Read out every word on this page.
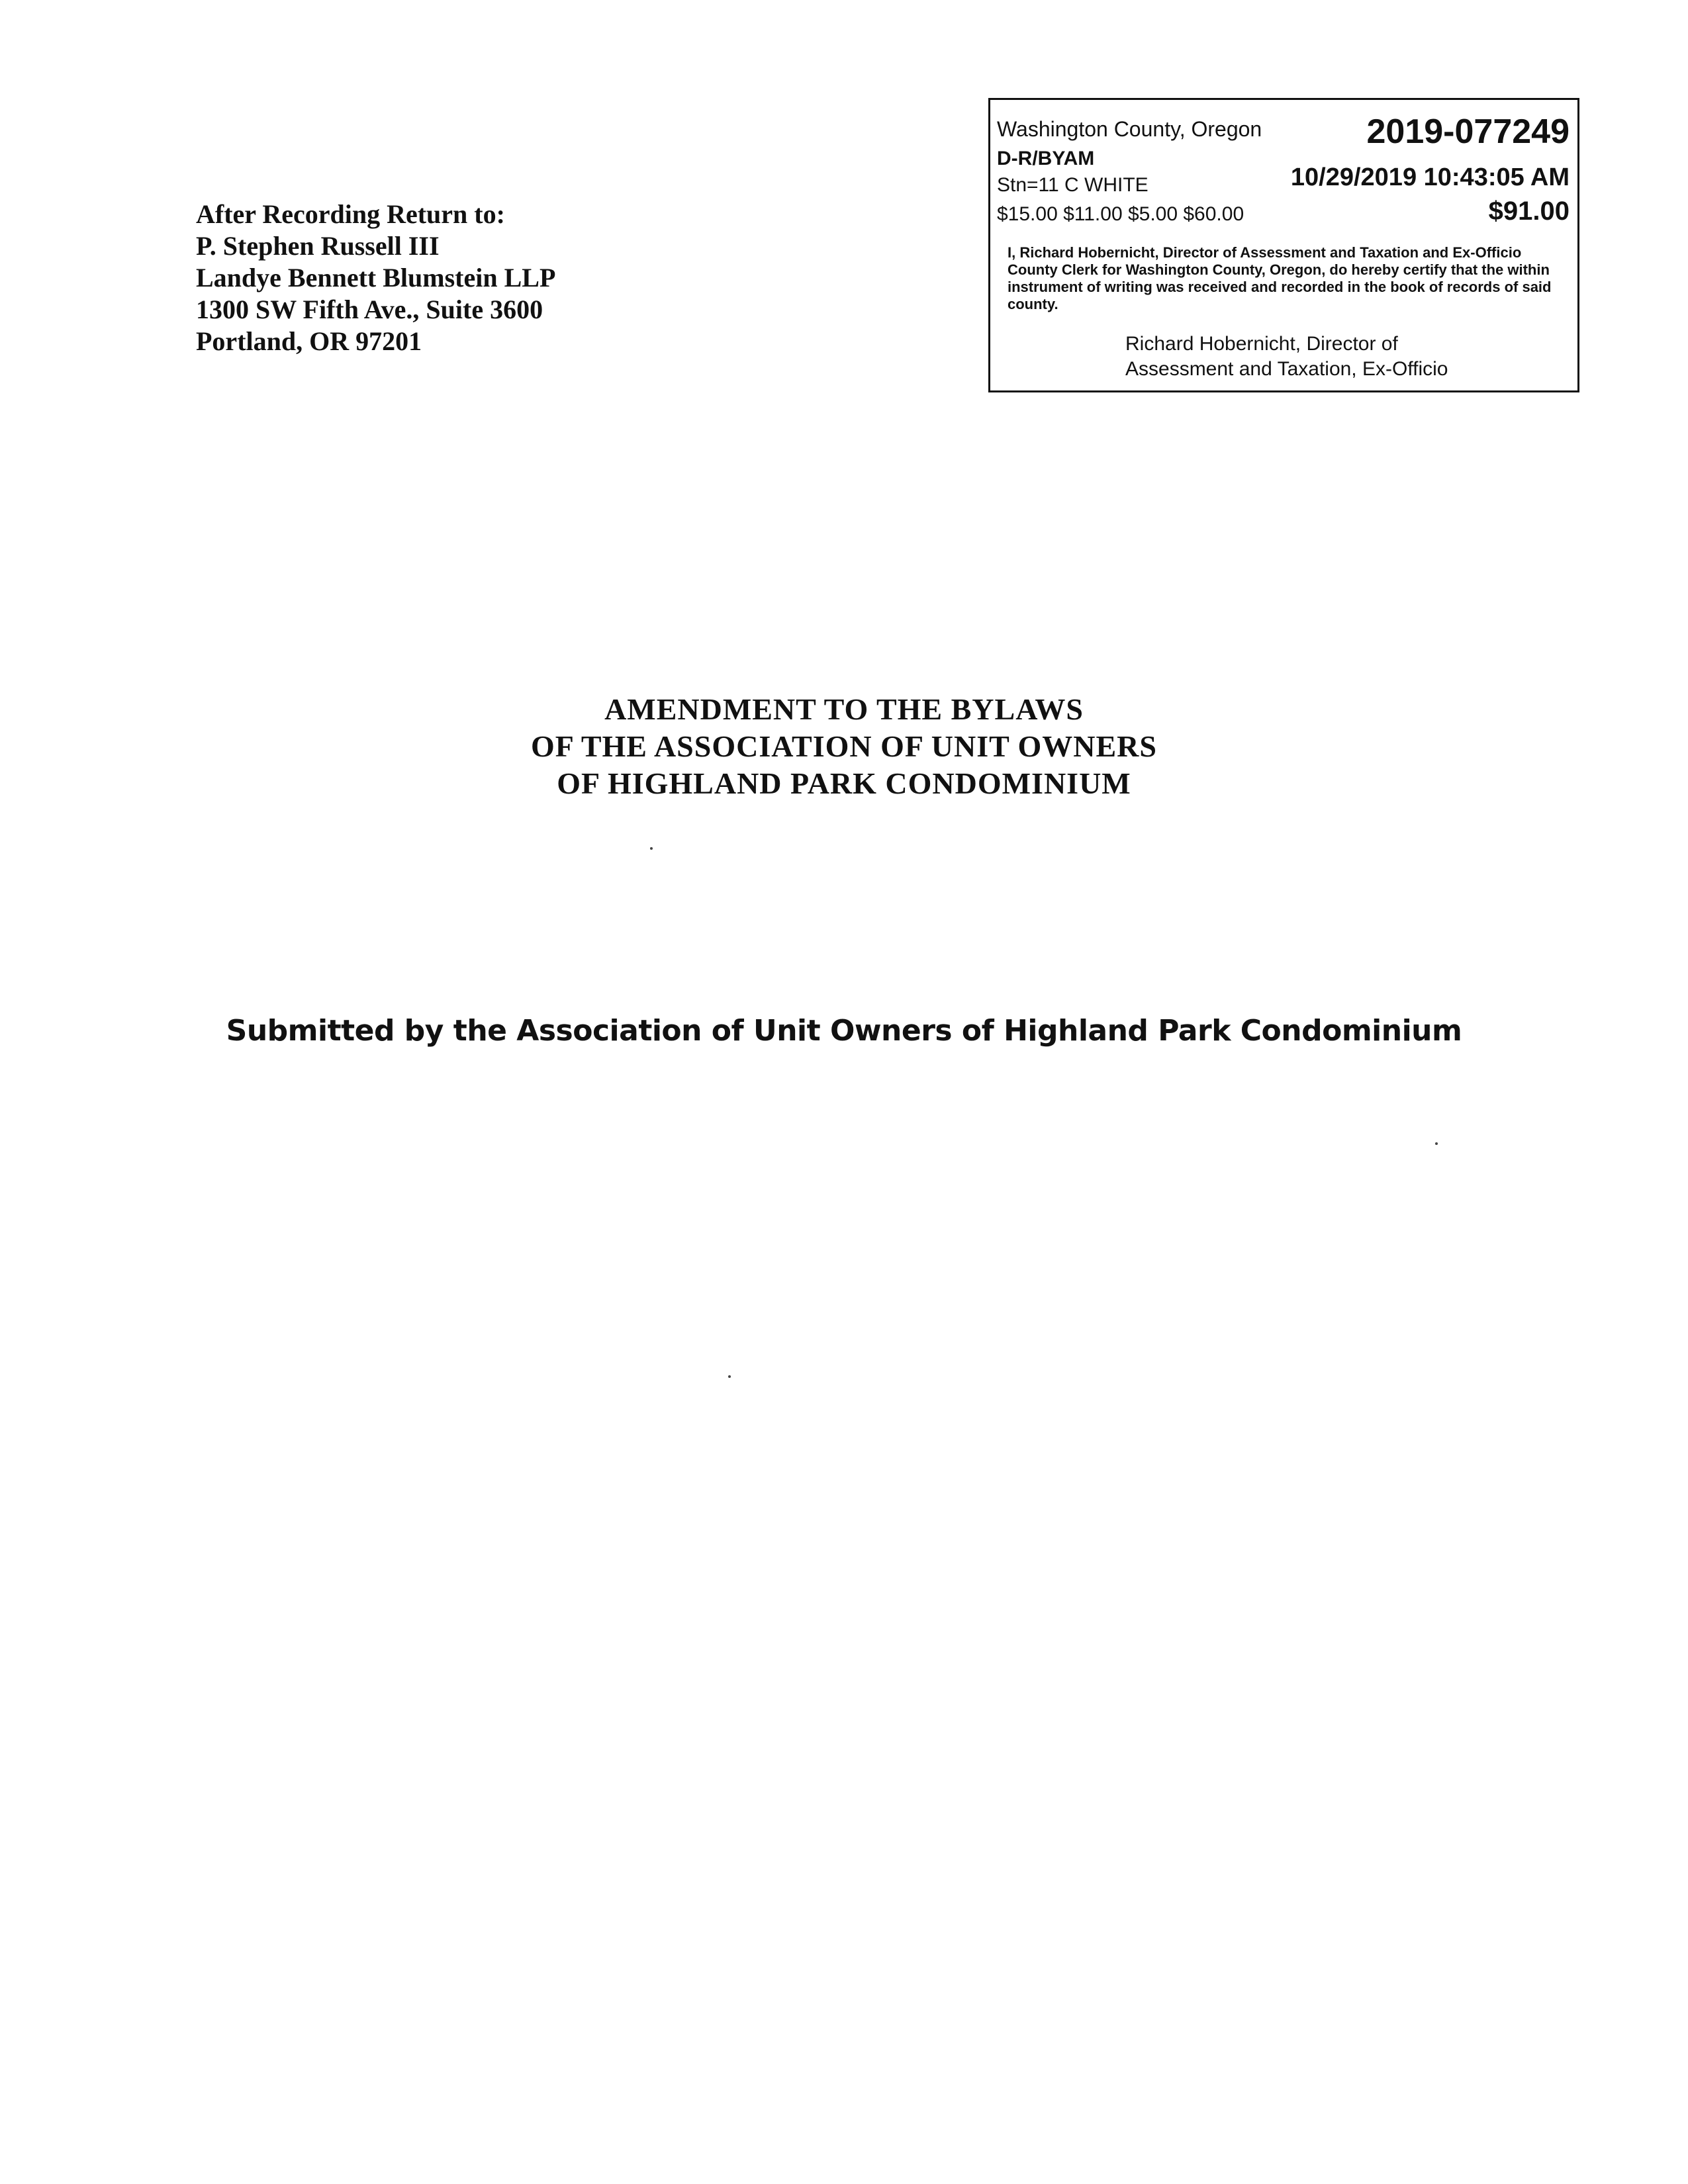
After Recording Return to:
P. Stephen Russell III
Landye Bennett Blumstein LLP
1300 SW Fifth Ave., Suite 3600
Portland, OR 97201
Washington County, Oregon	2019-077249
D-R/BYAM
Stn=11 C WHITE	10/29/2019 10:43:05 AM
$15.00 $11.00 $5.00 $60.00	$91.00
I, Richard Hobernicht, Director of Assessment and Taxation and Ex-Officio County Clerk for Washington County, Oregon, do hereby certify that the within instrument of writing was received and recorded in the book of records of said county.
Richard Hobernicht, Director of
Assessment and Taxation, Ex-Officio
AMENDMENT TO THE BYLAWS
OF THE ASSOCIATION OF UNIT OWNERS
OF HIGHLAND PARK CONDOMINIUM
Submitted by the Association of Unit Owners of Highland Park Condominium
